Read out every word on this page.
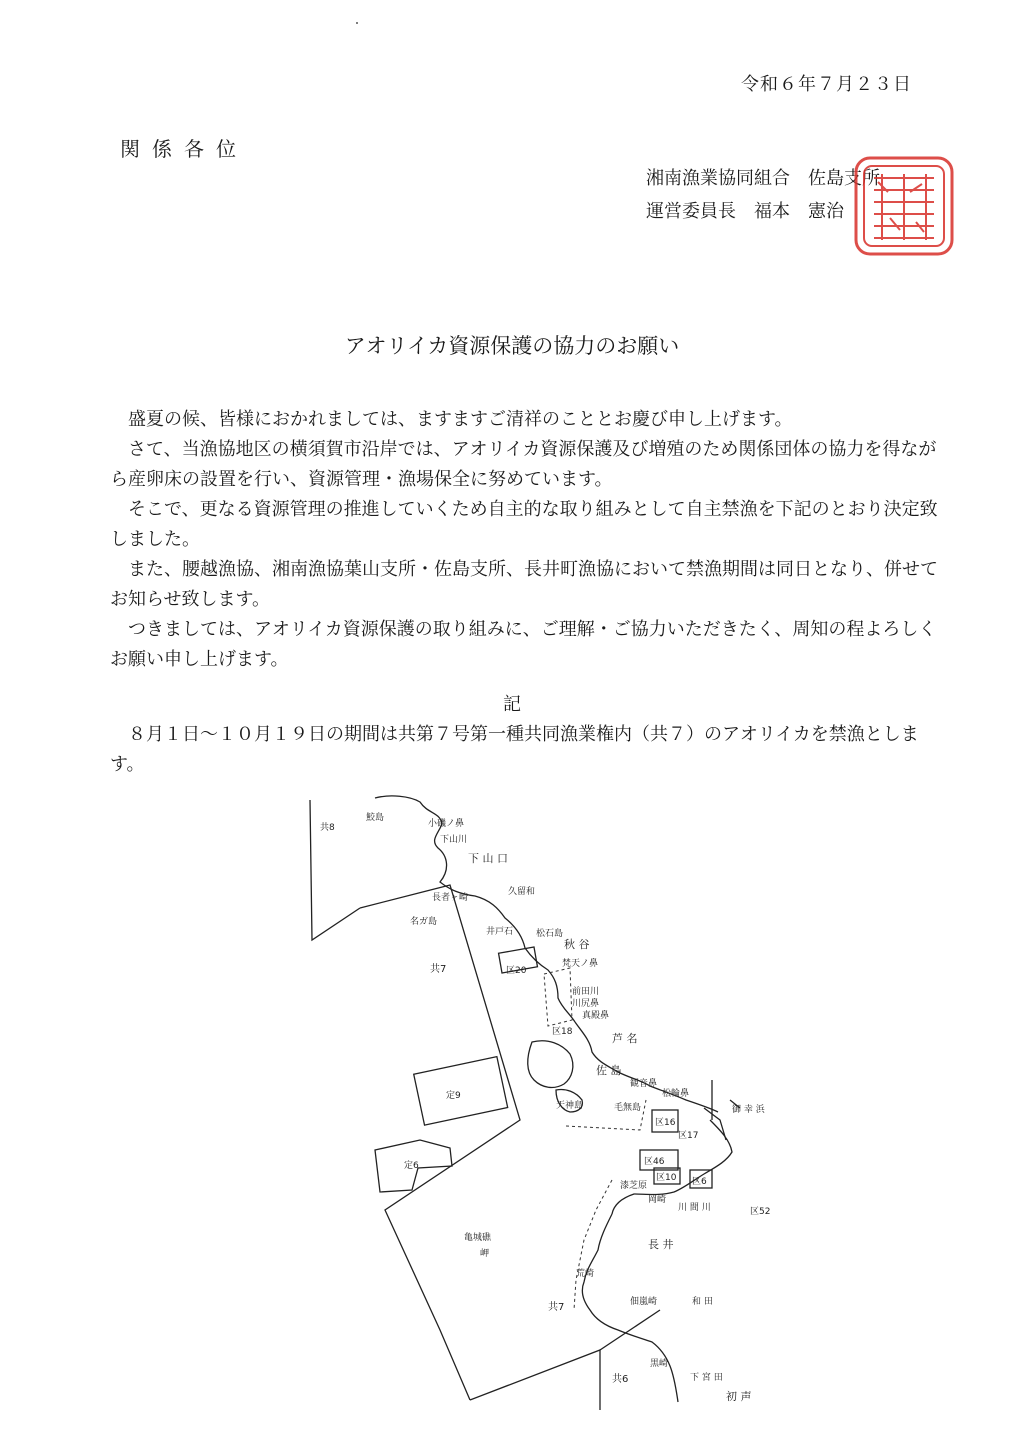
令和６年７月２３日
関係各位
湘南漁業協同組合　佐島支所
運営委員長　福本　憲治
アオリイカ資源保護の協力のお願い

盛夏の候、皆様におかれましては、ますますご清祥のこととお慶び申し上げます。

さて、当漁協地区の横須賀市沿岸では、アオリイカ資源保護及び増殖のため関係団体の協力を得ながら産卵床の設置を行い、資源管理・漁場保全に努めています。

そこで、更なる資源管理の推進していくため自主的な取り組みとして自主禁漁を下記のとおり決定致しました。

また、腰越漁協、湘南漁協葉山支所・佐島支所、長井町漁協において禁漁期間は同日となり、併せてお知らせ致します。

つきましては、アオリイカ資源保護の取り組みに、ご理解・ご協力いただきたく、周知の程よろしくお願い申し上げます。

記

８月１日～１０月１９日の期間は共第７号第一種共同漁業権内（共７）のアオリイカを禁漁とします。

共8
鮫島
小磯ノ鼻
下山川
下 山 口
長者ヶ崎
久留和
名ガ島
井戸石	松石島
秋 谷
共7	区20
梵天ノ鼻
前田川
川尻鼻
真殿鼻
区18	芦 名
定9
佐 島
観音鼻
天神島
松輪鼻
毛無島
区16
区17
区46
区6
区10
御 幸 浜
定6
漆芝原
岡崎
川 間 川	区52
亀城礁
岬
長 井
荒崎
佃嵐崎	和 田
共7
共6
黒崎
下 宮 田
初 声
